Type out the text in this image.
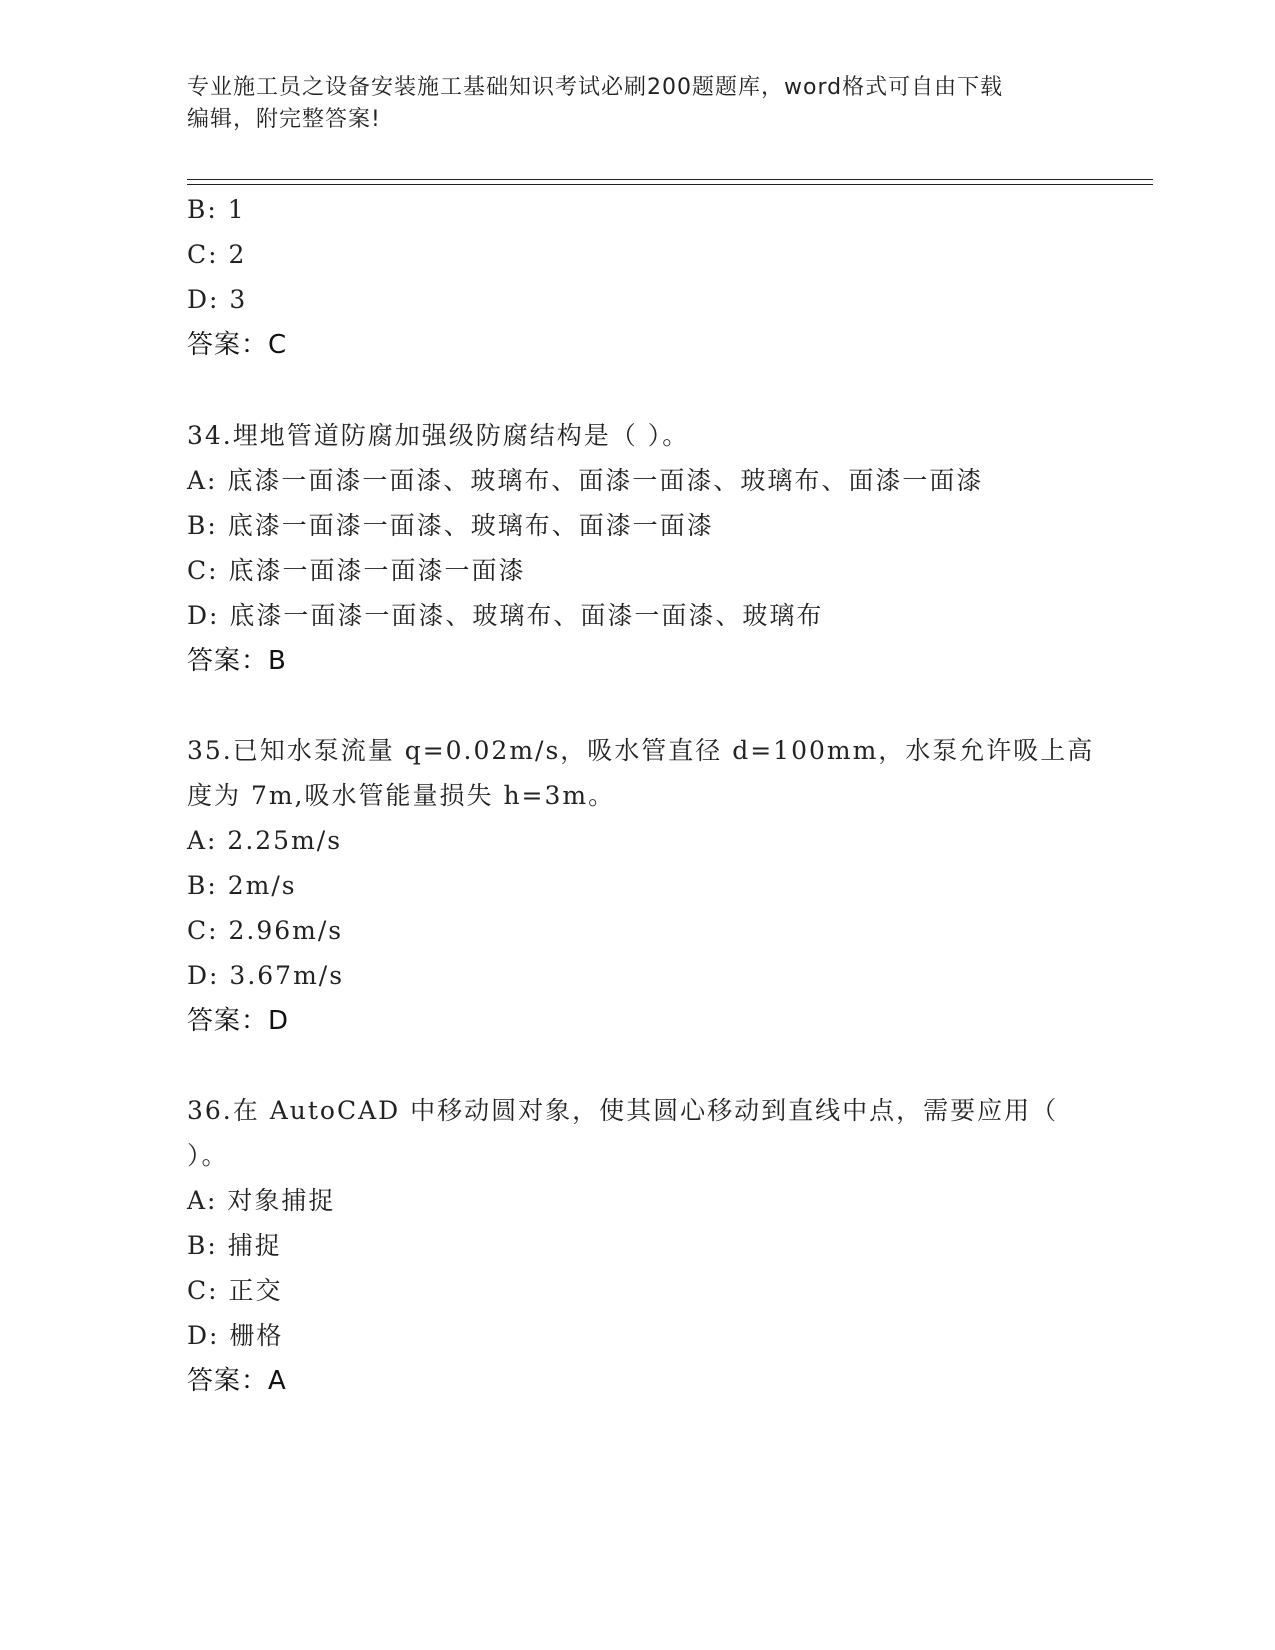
专业施工员之设备安装施工基础知识考试必刷200题题库，word格式可自由下载
编辑，附完整答案!
B: 1
C: 2
D: 3
答案：C
34.埋地管道防腐加强级防腐结构是（ ）。
A: 底漆一面漆一面漆、玻璃布、面漆一面漆、玻璃布、面漆一面漆
B: 底漆一面漆一面漆、玻璃布、面漆一面漆
C: 底漆一面漆一面漆一面漆
D: 底漆一面漆一面漆、玻璃布、面漆一面漆、玻璃布
答案：B
35.已知水泵流量 q=0.02m/s，吸水管直径 d=100mm，水泵允许吸上高
度为 7m,吸水管能量损失 h=3m。
A: 2.25m/s
B: 2m/s
C: 2.96m/s
D: 3.67m/s
答案：D
36.在 AutoCAD 中移动圆对象，使其圆心移动到直线中点，需要应用（
）。
A: 对象捕捉
B: 捕捉
C: 正交
D: 栅格
答案：A
